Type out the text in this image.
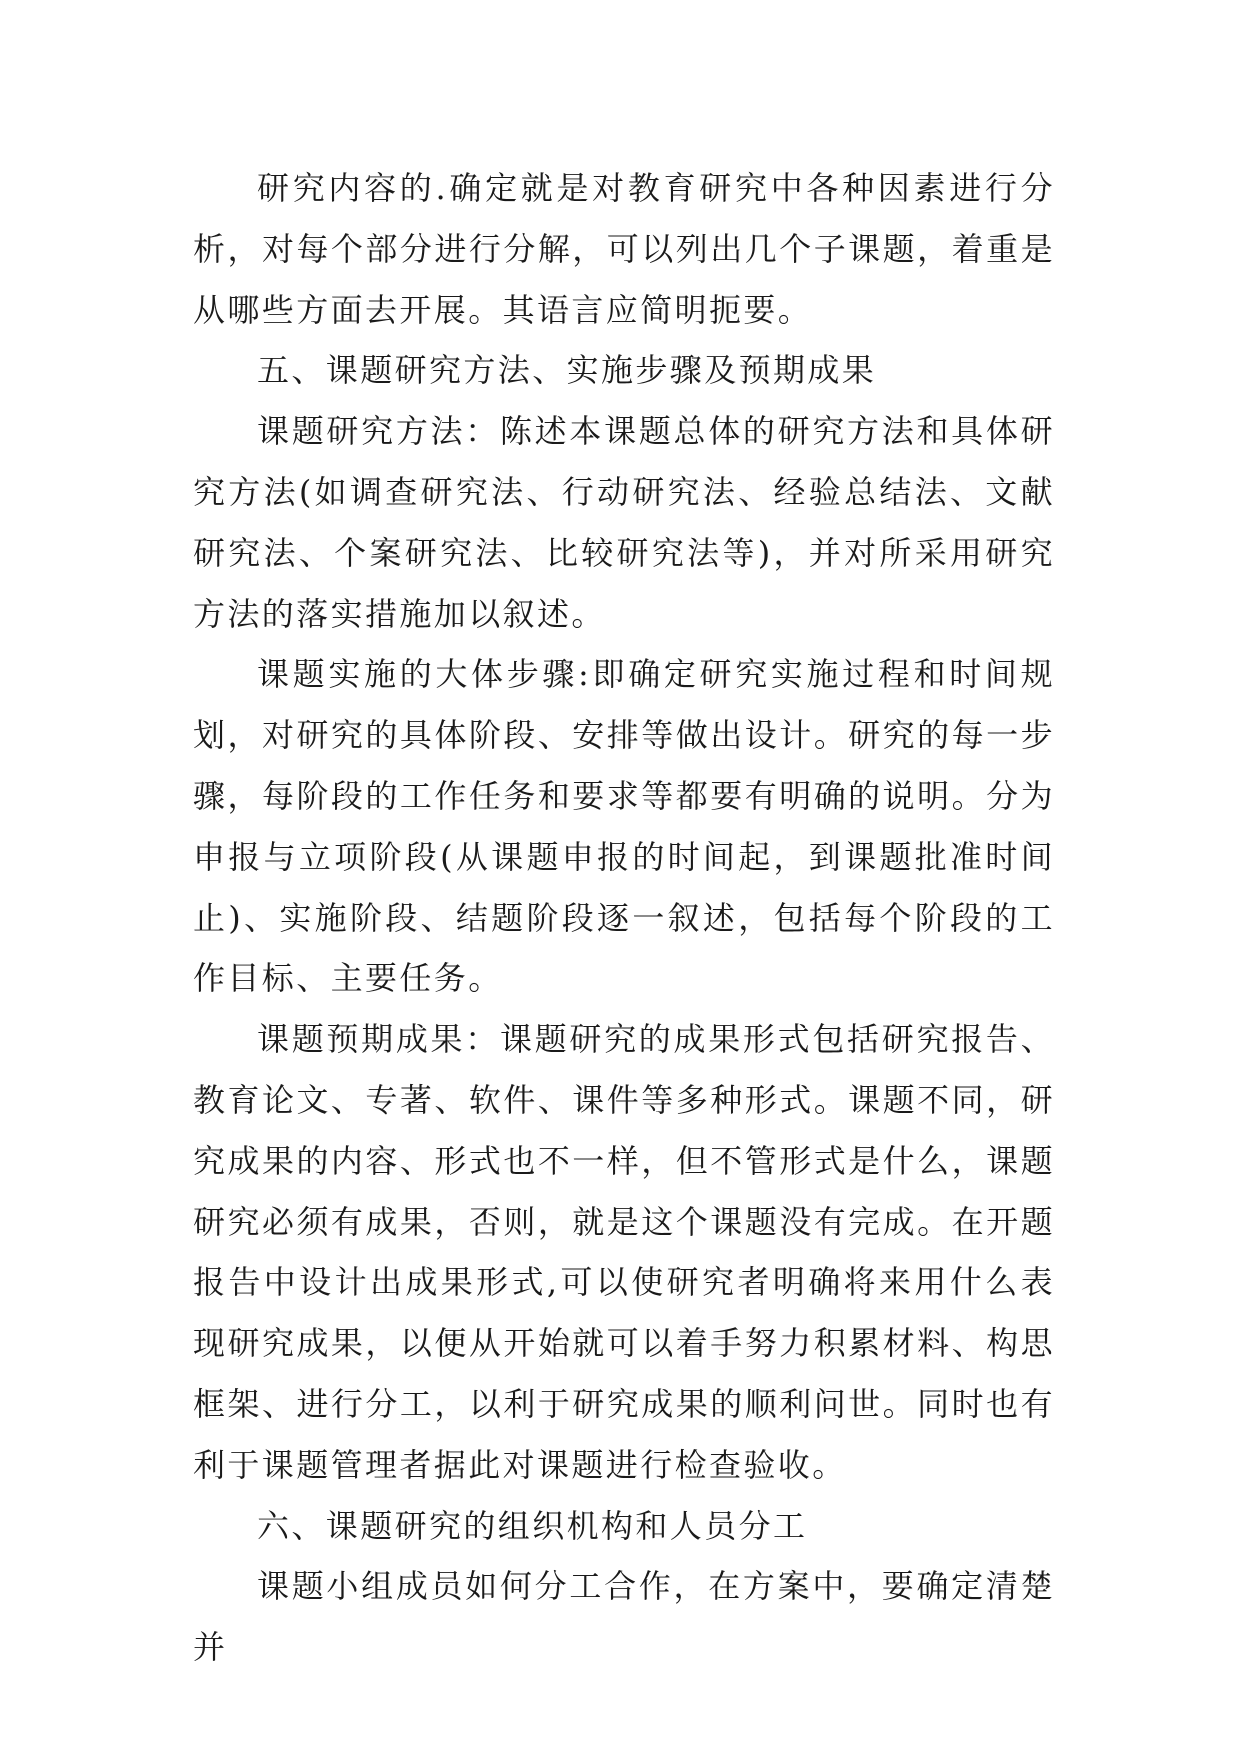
研究内容的.确定就是对教育研究中各种因素进行分析，对每个部分进行分解，可以列出几个子课题，着重是从哪些方面去开展。其语言应简明扼要。

五、课题研究方法、实施步骤及预期成果

课题研究方法：陈述本课题总体的研究方法和具体研究方法(如调查研究法、行动研究法、经验总结法、文献研究法、个案研究法、比较研究法等)，并对所采用研究方法的落实措施加以叙述。

课题实施的大体步骤:即确定研究实施过程和时间规划，对研究的具体阶段、安排等做出设计。研究的每一步骤，每阶段的工作任务和要求等都要有明确的说明。分为申报与立项阶段(从课题申报的时间起，到课题批准时间止)、实施阶段、结题阶段逐一叙述，包括每个阶段的工作目标、主要任务。

课题预期成果：课题研究的成果形式包括研究报告、教育论文、专著、软件、课件等多种形式。课题不同，研究成果的内容、形式也不一样，但不管形式是什么，课题研究必须有成果，否则，就是这个课题没有完成。在开题报告中设计出成果形式,可以使研究者明确将来用什么表现研究成果，以便从开始就可以着手努力积累材料、构思框架、进行分工，以利于研究成果的顺利问世。同时也有利于课题管理者据此对课题进行检查验收。

六、课题研究的组织机构和人员分工

课题小组成员如何分工合作，在方案中，要确定清楚并
